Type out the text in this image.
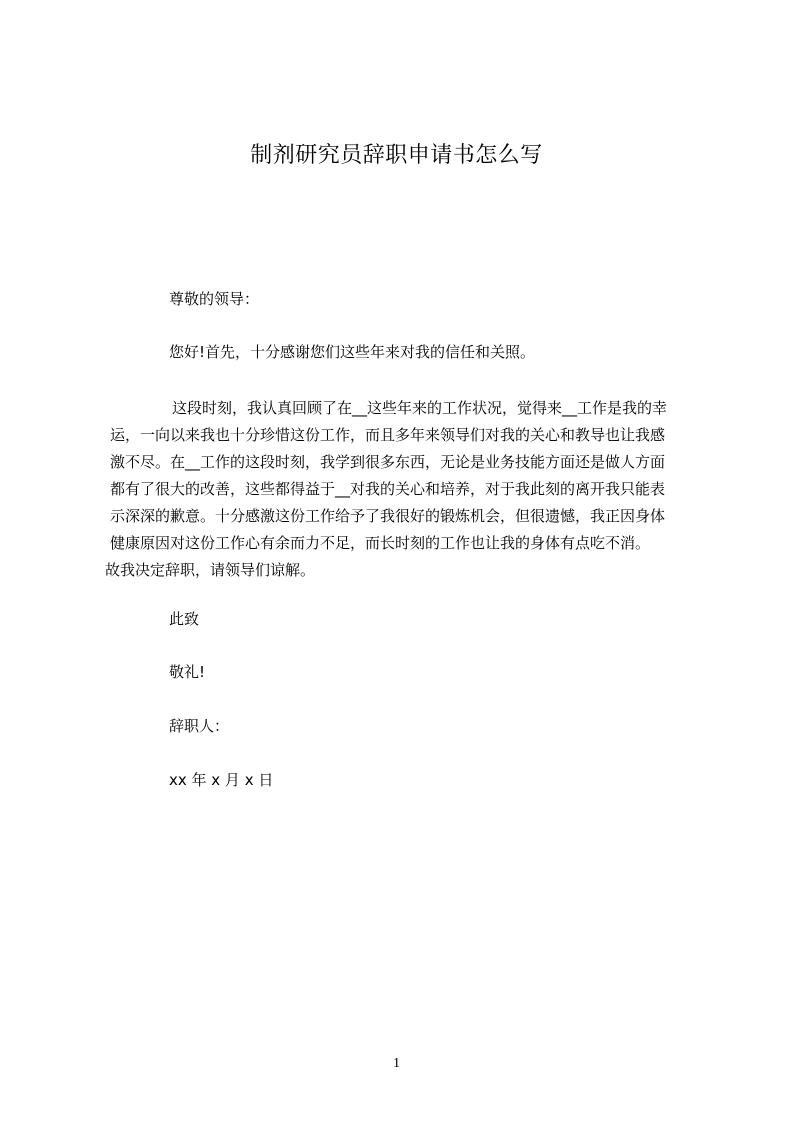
制剂研究员辞职申请书怎么写
尊敬的领导：
您好!首先，十分感谢您们这些年来对我的信任和关照。
这段时刻，我认真回顾了在__这些年来的工作状况，觉得来__工作是我的幸
运，一向以来我也十分珍惜这份工作，而且多年来领导们对我的关心和教导也让我感
激不尽。在__工作的这段时刻，我学到很多东西，无论是业务技能方面还是做人方面
都有了很大的改善，这些都得益于__对我的关心和培养，对于我此刻的离开我只能表
示深深的歉意。十分感激这份工作给予了我很好的锻炼机会，但很遗憾，我正因身体
健康原因对这份工作心有余而力不足，而长时刻的工作也让我的身体有点吃不消。
故我决定辞职，请领导们谅解。
此致
敬礼!
辞职人：
xx 年 x 月 x 日
1
